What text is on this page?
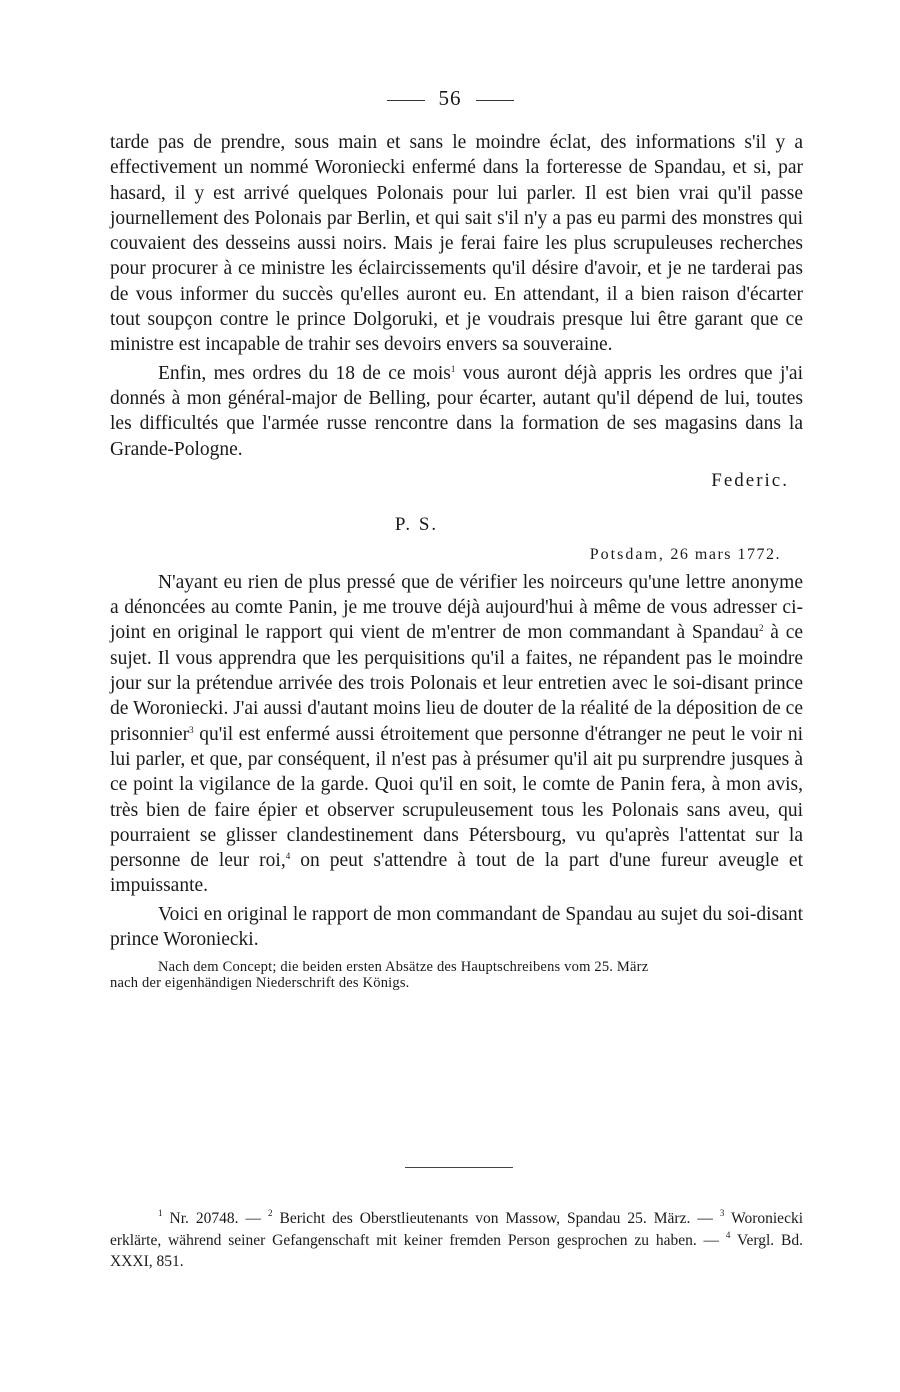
56

tarde pas de prendre, sous main et sans le moindre éclat, des informations s'il y a effectivement un nommé Woroniecki enfermé dans la forteresse de Spandau, et si, par hasard, il y est arrivé quelques Polonais pour lui parler. Il est bien vrai qu'il passe journellement des Polonais par Berlin, et qui sait s'il n'y a pas eu parmi des monstres qui couvaient des desseins aussi noirs. Mais je ferai faire les plus scrupuleuses recherches pour procurer à ce ministre les éclaircissements qu'il désire d'avoir, et je ne tarderai pas de vous informer du succès qu'elles auront eu. En attendant, il a bien raison d'écarter tout soupçon contre le prince Dolgoruki, et je voudrais presque lui être garant que ce ministre est incapable de trahir ses devoirs envers sa souveraine.

Enfin, mes ordres du 18 de ce mois$^1$ vous auront déjà appris les ordres que j'ai donnés à mon général-major de Belling, pour écarter, autant qu'il dépend de lui, toutes les difficultés que l'armée russe rencontre dans la formation de ses magasins dans la Grande-Pologne.

Federic.
P. S.
Potsdam, 26 mars 1772.

N'ayant eu rien de plus pressé que de vérifier les noirceurs qu'une lettre anonyme a dénoncées au comte Panin, je me trouve déjà aujourd'hui à même de vous adresser ci-joint en original le rapport qui vient de m'entrer de mon commandant à Spandau$^2$ à ce sujet. Il vous apprendra que les perquisitions qu'il a faites, ne répandent pas le moindre jour sur la prétendue arrivée des trois Polonais et leur entretien avec le soi-disant prince de Woroniecki. J'ai aussi d'autant moins lieu de douter de la réalité de la déposition de ce prisonnier$^3$ qu'il est enfermé aussi étroitement que personne d'étranger ne peut le voir ni lui parler, et que, par conséquent, il n'est pas à présumer qu'il ait pu surprendre jusques à ce point la vigilance de la garde. Quoi qu'il en soit, le comte de Panin fera, à mon avis, très bien de faire épier et observer scrupuleusement tous les Polonais sans aveu, qui pourraient se glisser clandestinement dans Pétersbourg, vu qu'après l'attentat sur la personne de leur roi,$^4$ on peut s'attendre à tout de la part d'une fureur aveugle et impuissante.

Voici en original le rapport de mon commandant de Spandau au sujet du soi-disant prince Woroniecki.

Nach dem Concept; die beiden ersten Absätze des Hauptschreibens vom 25. März
nach der eigenhändigen Niederschrift des Königs.
$^1$ Nr. 20748. — $^2$ Bericht des Oberstlieutenants von Massow, Spandau 25. März. — $^3$ Woroniecki erklärte, während seiner Gefangenschaft mit keiner fremden Person gesprochen zu haben. — $^4$ Vergl. Bd. XXXI, 851.
